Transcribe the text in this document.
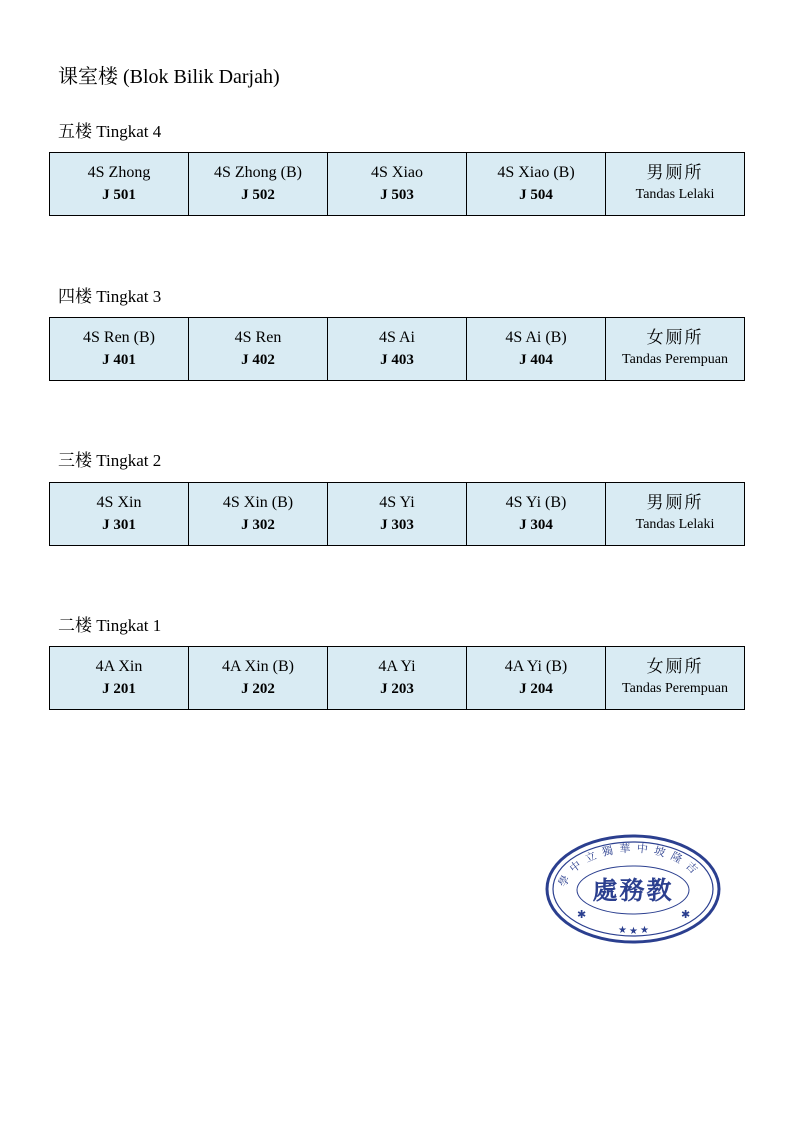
课室楼 (Blok Bilik Darjah)
五楼 Tingkat 4
4S Zhong
J 501

4S Zhong (B)
J 502

4S Xiao
J 503

4S Xiao (B)
J 504

男厕所
Tandas Lelaki
四楼 Tingkat 3
4S Ren (B)
J 401

4S Ren
J 402

4S Ai
J 403

4S Ai (B)
J 404

女厕所
Tandas Perempuan
三楼 Tingkat 2
4S Xin
J 301

4S Xin (B)
J 302

4S Yi
J 303

4S Yi (B)
J 304

男厕所
Tandas Lelaki
二楼 Tingkat 1
4A Xin
J 201

4A Xin (B)
J 202

4A Yi
J 203

4A Yi (B)
J 204

女厕所
Tandas Perempuan
學中立獨華中坡隆吉
處務教
✱	✱
★ ★ ★
